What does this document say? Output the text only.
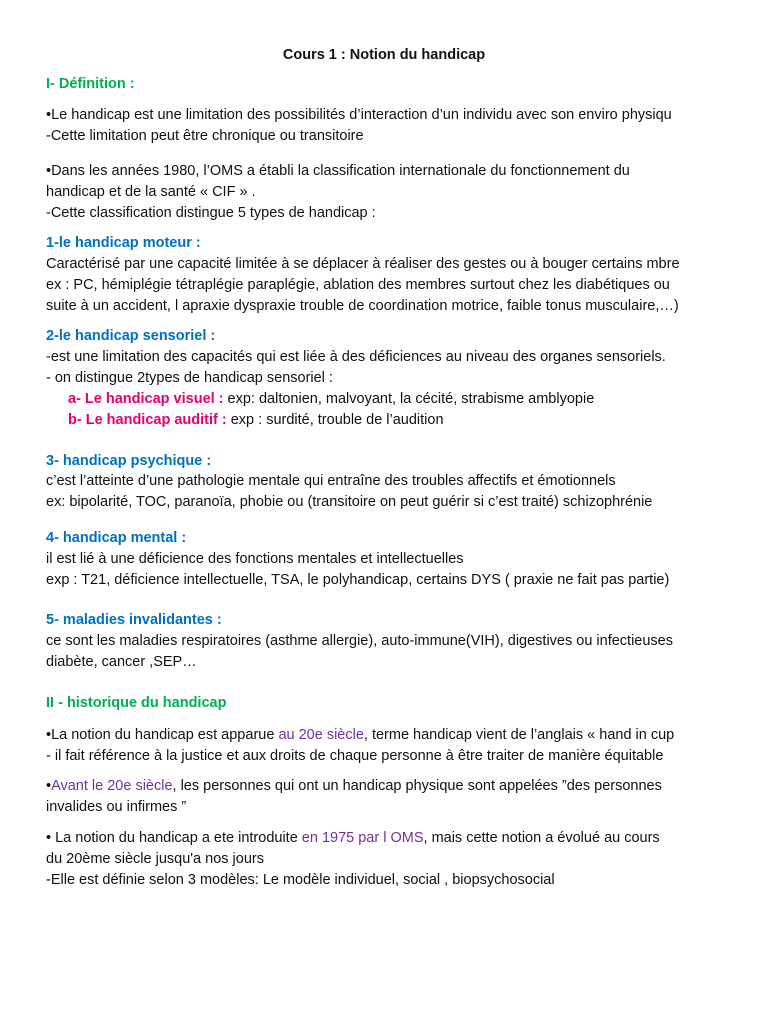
Cours 1 : Notion du handicap
I- Définition :
•Le handicap est une limitation des possibilités d’interaction d’un individu avec son enviro physiqu
-Cette limitation peut être chronique ou transitoire
•Dans les années 1980, l’OMS a établi la classification internationale du fonctionnement du
handicap et de la santé « CIF » .
-Cette classification distingue 5 types de handicap :
1-le handicap moteur :
Caractérisé par une capacité limitée à se déplacer à réaliser des gestes ou à bouger certains mbre
ex : PC, hémiplégie tétraplégie paraplégie, ablation des membres surtout chez les diabétiques ou
suite à un accident, l apraxie dyspraxie trouble de coordination motrice, faible tonus musculaire,…)
2-le handicap sensoriel :
-est une limitation des capacités qui est liée à des déficiences au niveau des organes sensoriels.
- on distingue 2types de handicap sensoriel :
a- Le handicap visuel : exp: daltonien, malvoyant, la cécité, strabisme amblyopie
b- Le handicap auditif : exp : surdité, trouble de l’audition
3- handicap psychique :
c’est l’atteinte d’une pathologie mentale qui entraîne des troubles affectifs et émotionnels
ex: bipolarité, TOC, paranoïa, phobie ou (transitoire on peut guérir si c’est traité) schizophrénie
4- handicap mental :
il est lié à une déficience des fonctions mentales et intellectuelles
exp : T21, déficience intellectuelle, TSA, le polyhandicap, certains DYS ( praxie ne fait pas partie)
5- maladies invalidantes :
ce sont les maladies respiratoires (asthme allergie), auto-immune(VIH), digestives ou infectieuses
diabète, cancer ,SEP…
II - historique du handicap
•La notion du handicap est apparue au 20e siècle, terme handicap vient de l’anglais « hand in cup
- il fait référence à la justice et aux droits de chaque personne à être traiter de manière équitable
•Avant le 20e siècle, les personnes qui ont un handicap physique sont appelées ”des personnes
invalides ou infirmes ”
• La notion du handicap a ete introduite en 1975 par l OMS, mais cette notion a évolué au cours
du 20ème siècle jusqu'a nos jours
-Elle est définie selon 3 modèles: Le modèle individuel, social , biopsychosocial
